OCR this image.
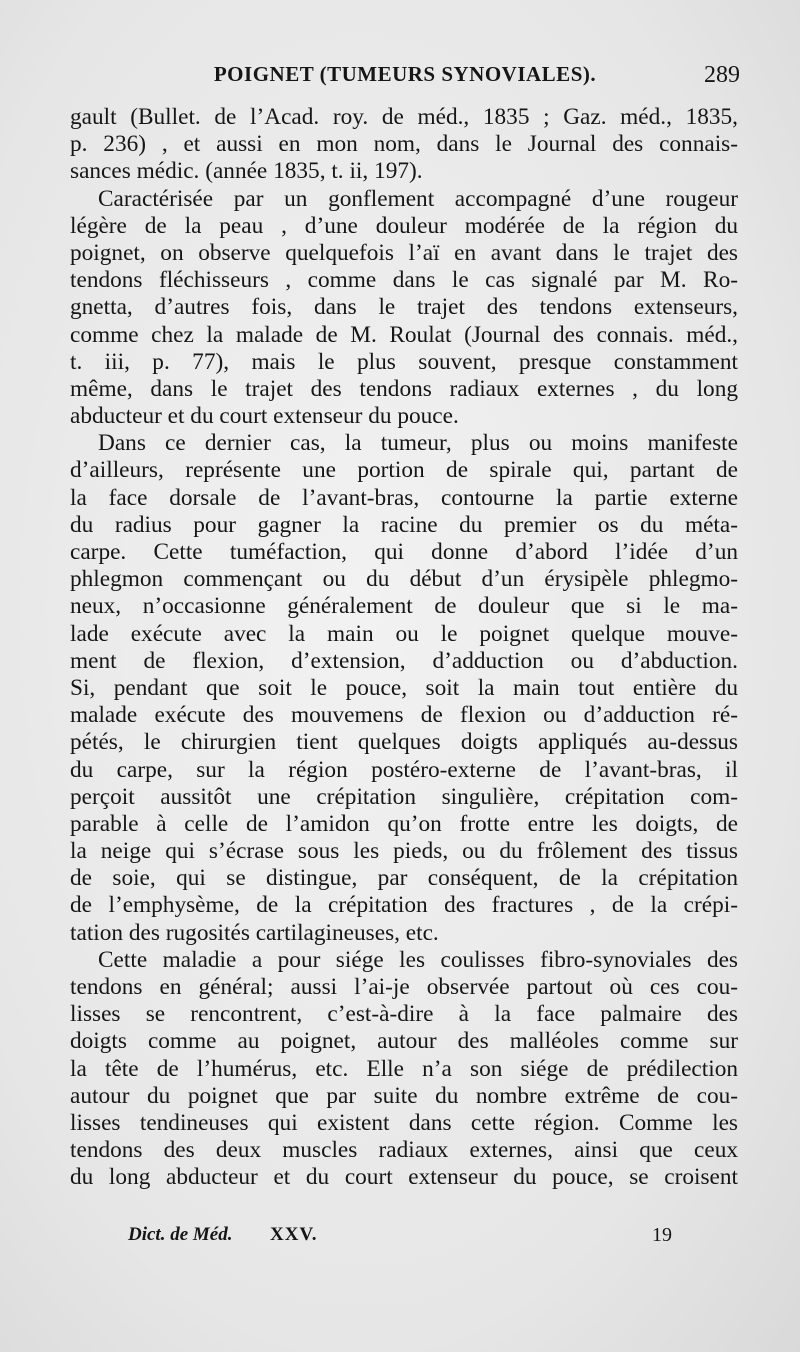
POIGNET (TUMEURS SYNOVIALES).	289
gault (Bullet. de l’Acad. roy. de méd., 1835 ; Gaz. méd., 1835,
p. 236) , et aussi en mon nom, dans le Journal des connais-
sances médic. (année 1835, t. ii, 197).
Caractérisée par un gonflement accompagné d’une rougeur
légère de la peau , d’une douleur modérée de la région du
poignet, on observe quelquefois l’aï en avant dans le trajet des
tendons fléchisseurs , comme dans le cas signalé par M. Ro-
gnetta, d’autres fois, dans le trajet des tendons extenseurs,
comme chez la malade de M. Roulat (Journal des connais. méd.,
t. iii, p. 77), mais le plus souvent, presque constamment
même, dans le trajet des tendons radiaux externes , du long
abducteur et du court extenseur du pouce.
Dans ce dernier cas, la tumeur, plus ou moins manifeste
d’ailleurs, représente une portion de spirale qui, partant de
la face dorsale de l’avant-bras, contourne la partie externe
du radius pour gagner la racine du premier os du méta-
carpe. Cette tuméfaction, qui donne d’abord l’idée d’un
phlegmon commençant ou du début d’un érysipèle phlegmo-
neux, n’occasionne généralement de douleur que si le ma-
lade exécute avec la main ou le poignet quelque mouve-
ment de flexion, d’extension, d’adduction ou d’abduction.
Si, pendant que soit le pouce, soit la main tout entière du
malade exécute des mouvemens de flexion ou d’adduction ré-
pétés, le chirurgien tient quelques doigts appliqués au-dessus
du carpe, sur la région postéro-externe de l’avant-bras, il
perçoit aussitôt une crépitation singulière, crépitation com-
parable à celle de l’amidon qu’on frotte entre les doigts, de
la neige qui s’écrase sous les pieds, ou du frôlement des tissus
de soie, qui se distingue, par conséquent, de la crépitation
de l’emphysème, de la crépitation des fractures , de la crépi-
tation des rugosités cartilagineuses, etc.
Cette maladie a pour siége les coulisses fibro-synoviales des
tendons en général; aussi l’ai-je observée partout où ces cou-
lisses se rencontrent, c’est-à-dire à la face palmaire des
doigts comme au poignet, autour des malléoles comme sur
la tête de l’humérus, etc. Elle n’a son siége de prédilection
autour du poignet que par suite du nombre extrême de cou-
lisses tendineuses qui existent dans cette région. Comme les
tendons des deux muscles radiaux externes, ainsi que ceux
du long abducteur et du court extenseur du pouce, se croisent
Dict. de Méd. XXV.	19
